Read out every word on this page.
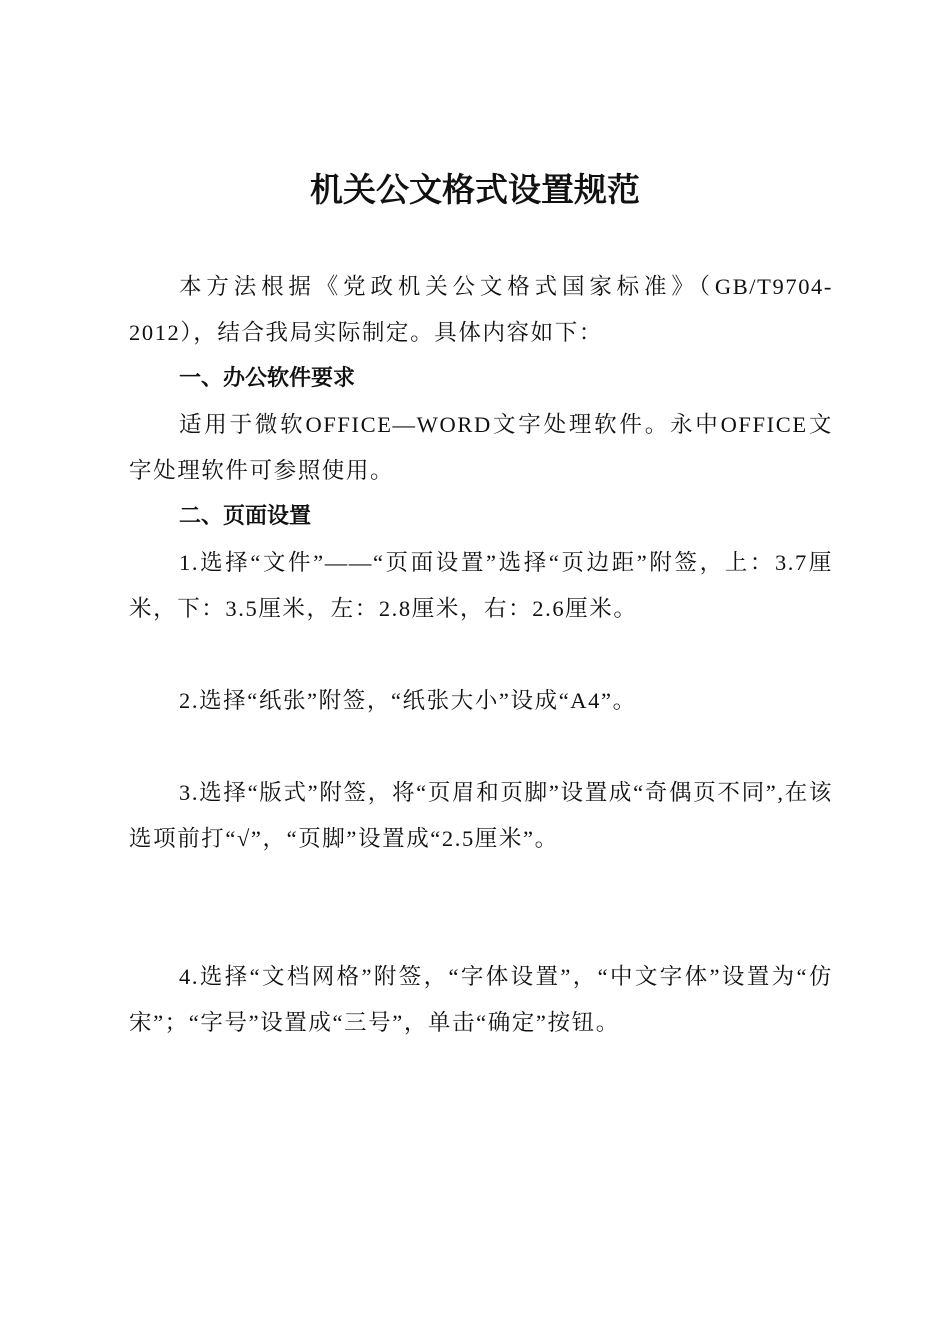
机关公文格式设置规范

本方法根据《党政机关公文格式国家标准》（GB/T9704-2012），结合我局实际制定。具体内容如下：

一、办公软件要求

适用于微软OFFICE—WORD文字处理软件。永中OFFICE文字处理软件可参照使用。

二、页面设置

1.选择“文件”——“页面设置”选择“页边距”附签，上：3.7厘米，下：3.5厘米，左：2.8厘米，右：2.6厘米。

2.选择“纸张”附签，“纸张大小”设成“A4”。

3.选择“版式”附签，将“页眉和页脚”设置成“奇偶页不同”,在该选项前打“√”，“页脚”设置成“2.5厘米”。

4.选择“文档网格”附签，“字体设置”，“中文字体”设置为“仿宋”；“字号”设置成“三号”，单击“确定”按钮。
